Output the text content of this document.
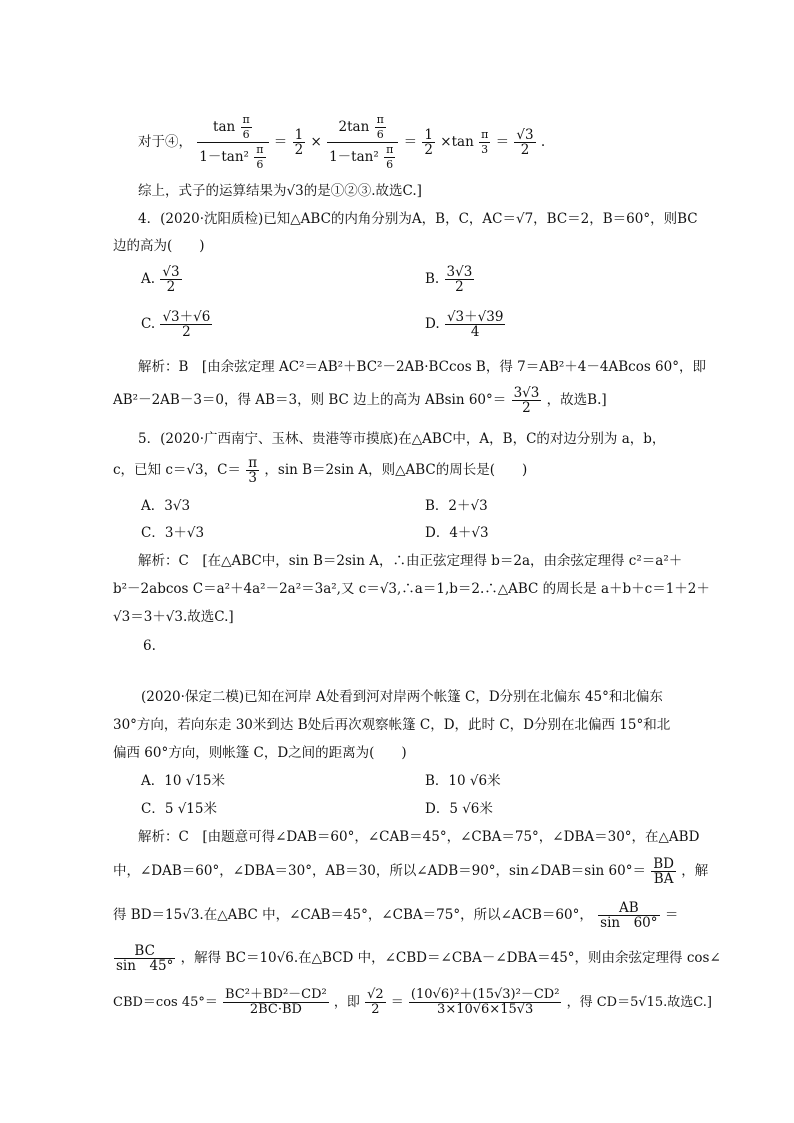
对于④， $\frac{\tan \frac{\pi}{6}}{1-\tan^2 \frac{\pi}{6}} = \frac{1}{2} \times \frac{2\tan \frac{\pi}{6}}{1-\tan^2 \frac{\pi}{6}} = \frac{1}{2} \times\tan \frac{\pi}{3} = \frac{√3}{2}$ .
综上，式子的运算结果为√3的是①②③.故选C.]
4．(2020·沈阳质检)已知△ABC的内角分别为A，B，C，AC＝√7，BC＝2，B＝60°，则BC
边的高为(　　)
A. $\frac{√3}{2}$	B. $\frac{3√3}{2}$
C. $\frac{√3+√6}{2}$	D. $\frac{√3+√39}{4}$
解析：B　[由余弦定理 AC²＝AB²＋BC²－2AB·BCcos B，得 7＝AB²＋4－4ABcos 60°，即
AB²－2AB－3＝0，得 AB＝3，则 BC 边上的高为 ABsin $60^\circ= \frac{3√3}{2}$ ，故选B.]
5．(2020·广西南宁、玉林、贵港等市摸底)在△ABC中，A，B，C的对边分别为 a，b，
c，已知 c＝√3，$C= \frac{\pi}{3}$ ，sin B＝2sin A，则△ABC的周长是(　　)
A．3√3	B．2＋√3
C．3＋√3	D．4＋√3
解析：C　[在△ABC中，sin B＝2sin A，∴由正弦定理得 b＝2a，由余弦定理得 c²＝a²＋
b²－2abcos C＝a²＋4a²－2a²＝3a²,又 c＝√3,∴a＝1,b＝2.∴△ABC 的周长是 a＋b＋c＝1＋2＋
√3＝3＋√3.故选C.]
6.
(2020·保定二模)已知在河岸 A处看到河对岸两个帐篷 C，D分别在北偏东 45°和北偏东
30°方向，若向东走 30米到达 B处后再次观察帐篷 C，D，此时 C，D分别在北偏西 15°和北
偏西 60°方向，则帐篷 C，D之间的距离为(　　)
A．10 √15米	B．10 √6米
C．5 √15米	D．5 √6米
解析：C　[由题意可得∠DAB＝60°，∠CAB＝45°，∠CBA＝75°，∠DBA＝30°，在△ABD
中，∠DAB＝60°，∠DBA＝30°，AB＝30，所以∠ADB＝90°，sin∠DAB＝sin $60^\circ= \frac{BD}{BA}$ ，解
得 BD＝15√3.在△ABC 中，∠CAB＝45°，∠CBA＝75°，所以∠ACB＝60°， $\frac{AB}{\sin 60^\circ}$ ＝
$\frac{BC}{\sin 45^\circ}$ ，解得 BC＝10√6.在△BCD 中，∠CBD＝∠CBA－∠DBA＝45°，则由余弦定理得 cos∠
CBD＝cos $45^\circ= \frac{\text{BC²＋BD²－CD²}}{2BC\cdot BD}$ ，即 $\frac{√2}{2} = \frac{\text{(10√6)²＋(15√3)²－CD²}}{3\times 10√6\times 15√3}$ ，得 CD＝5√15.故选C.]
